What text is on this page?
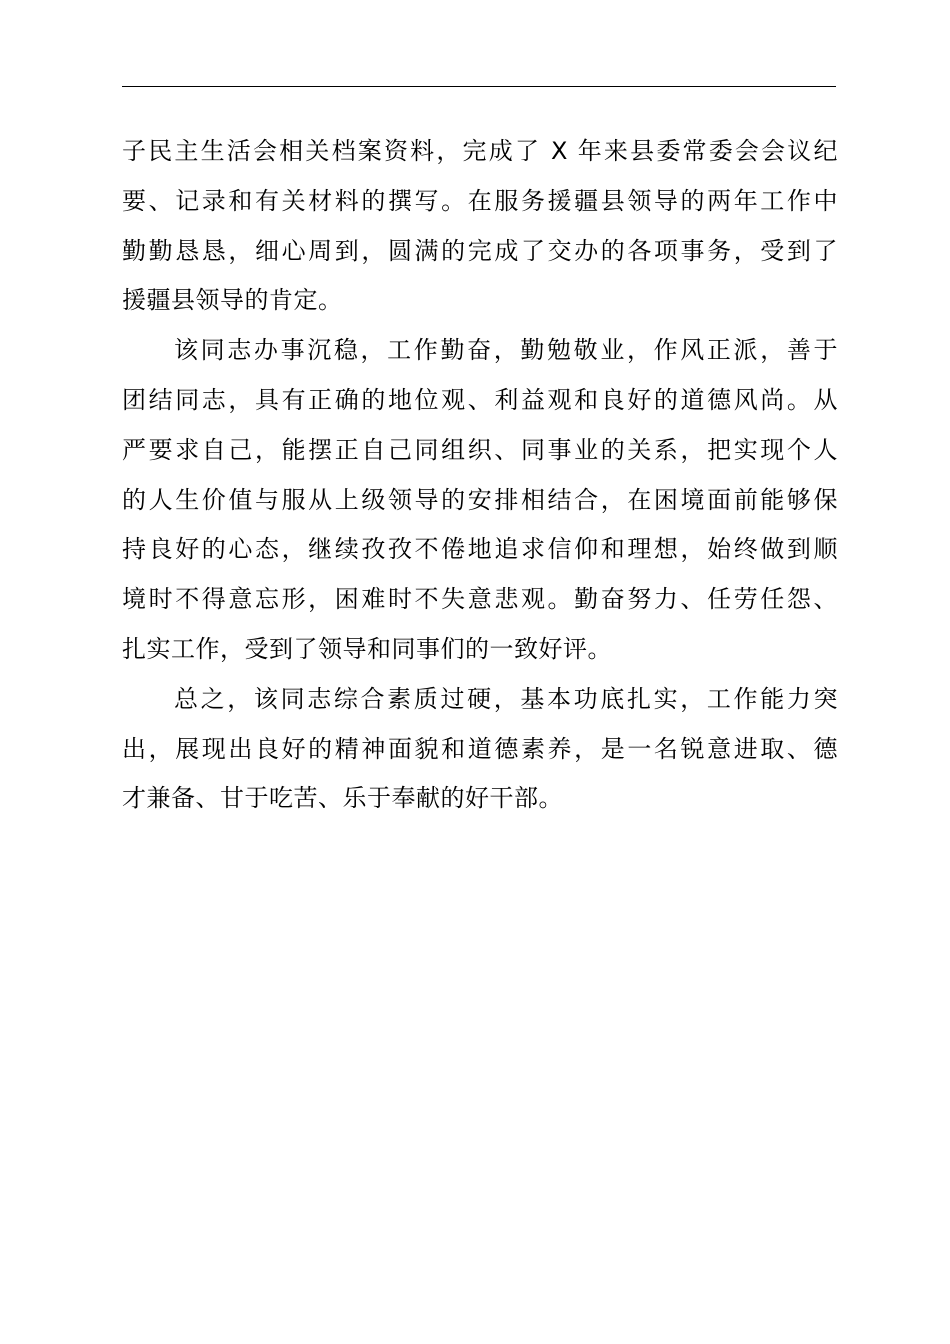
子民主生活会相关档案资料，完成了 X 年来县委常委会会议纪
要、记录和有关材料的撰写。在服务援疆县领导的两年工作中
勤勤恳恳，细心周到，圆满的完成了交办的各项事务，受到了
援疆县领导的肯定。
该同志办事沉稳，工作勤奋，勤勉敬业，作风正派，善于
团结同志，具有正确的地位观、利益观和良好的道德风尚。从
严要求自己，能摆正自己同组织、同事业的关系，把实现个人
的人生价值与服从上级领导的安排相结合，在困境面前能够保
持良好的心态，继续孜孜不倦地追求信仰和理想，始终做到顺
境时不得意忘形，困难时不失意悲观。勤奋努力、任劳任怨、
扎实工作，受到了领导和同事们的一致好评。
总之，该同志综合素质过硬，基本功底扎实，工作能力突
出，展现出良好的精神面貌和道德素养，是一名锐意进取、德
才兼备、甘于吃苦、乐于奉献的好干部。
